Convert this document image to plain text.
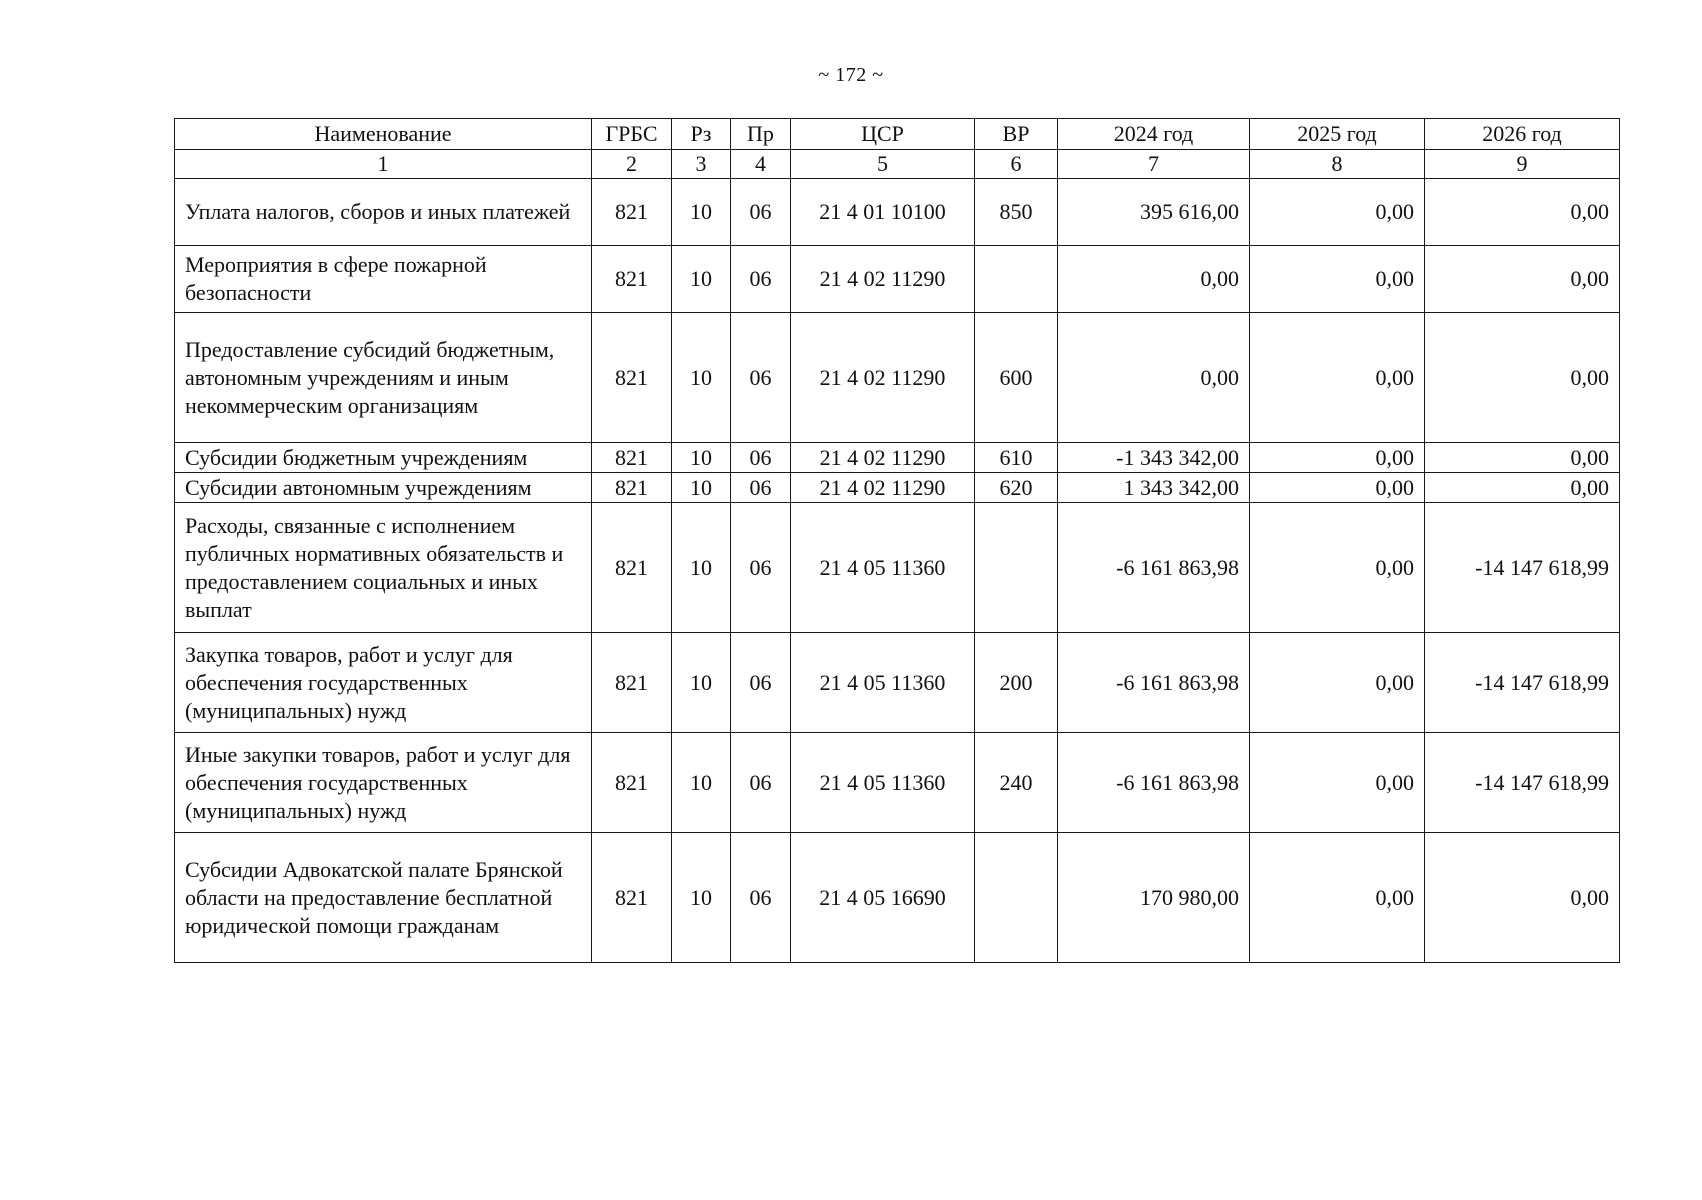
~ 172 ~
Наименование	ГРБС	Рз	Пр	ЦСР	ВР	2024 год	2025 год	2026 год
1	2	3	4	5	6	7	8	9
Уплата налогов, сборов и иных платежей	821	10	06	21 4 01 10100	850	395 616,00	0,00	0,00
Мероприятия в сфере пожарной безопасности	821	10	06	21 4 02 11290		0,00	0,00	0,00
Предоставление субсидий бюджетным, автономным учреждениям и иным некоммерческим организациям	821	10	06	21 4 02 11290	600	0,00	0,00	0,00
Субсидии бюджетным учреждениям	821	10	06	21 4 02 11290	610	-1 343 342,00	0,00	0,00
Субсидии автономным учреждениям	821	10	06	21 4 02 11290	620	1 343 342,00	0,00	0,00
Расходы, связанные с исполнением публичных нормативных обязательств и предоставлением социальных и иных выплат	821	10	06	21 4 05 11360		-6 161 863,98	0,00	-14 147 618,99
Закупка товаров, работ и услуг для обеспечения государственных (муниципальных) нужд	821	10	06	21 4 05 11360	200	-6 161 863,98	0,00	-14 147 618,99
Иные закупки товаров, работ и услуг для обеспечения государственных (муниципальных) нужд	821	10	06	21 4 05 11360	240	-6 161 863,98	0,00	-14 147 618,99
Субсидии Адвокатской палате Брянской области на предоставление бесплатной юридической помощи гражданам	821	10	06	21 4 05 16690		170 980,00	0,00	0,00
